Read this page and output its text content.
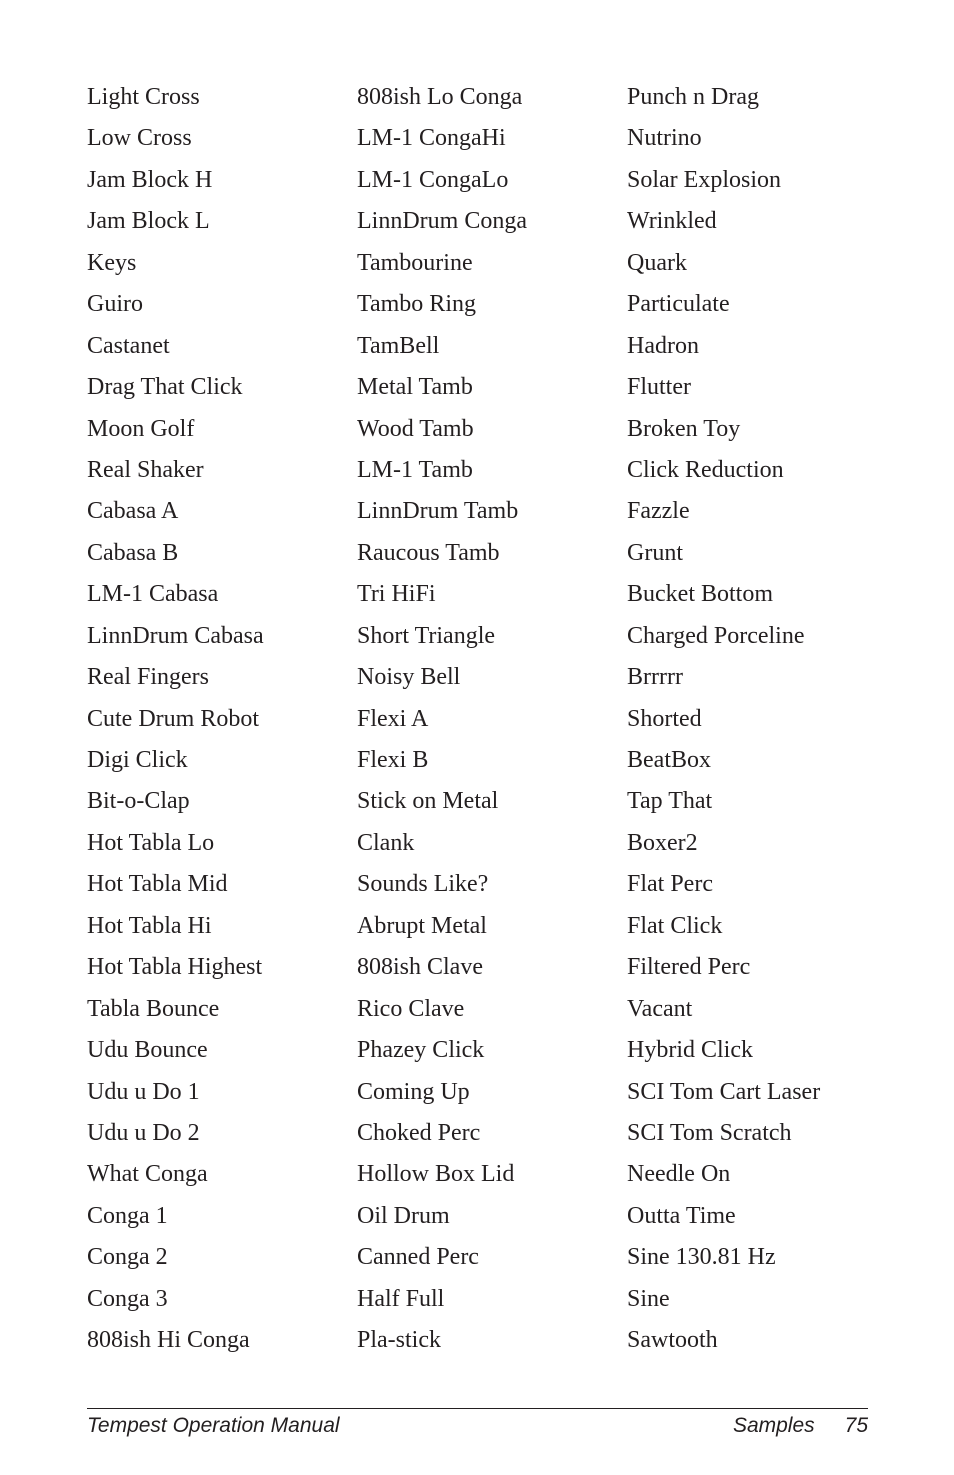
Light Cross
Low Cross
Jam Block H
Jam Block L
Keys
Guiro
Castanet
Drag That Click
Moon Golf
Real Shaker
Cabasa A
Cabasa B
LM-1 Cabasa
LinnDrum Cabasa
Real Fingers
Cute Drum Robot
Digi Click
Bit-o-Clap
Hot Tabla Lo
Hot Tabla Mid
Hot Tabla Hi
Hot Tabla Highest
Tabla Bounce
Udu Bounce
Udu u Do 1
Udu u Do 2
What Conga
Conga 1
Conga 2
Conga 3
808ish Hi Conga
808ish Lo Conga
LM-1 CongaHi
LM-1 CongaLo
LinnDrum Conga
Tambourine
Tambo Ring
TamBell
Metal Tamb
Wood Tamb
LM-1 Tamb
LinnDrum Tamb
Raucous Tamb
Tri HiFi
Short Triangle
Noisy Bell
Flexi A
Flexi B
Stick on Metal
Clank
Sounds Like?
Abrupt Metal
808ish Clave
Rico Clave
Phazey Click
Coming Up
Choked Perc
Hollow Box Lid
Oil Drum
Canned Perc
Half Full
Pla-stick
Punch n Drag
Nutrino
Solar Explosion
Wrinkled
Quark
Particulate
Hadron
Flutter
Broken Toy
Click Reduction
Fazzle
Grunt
Bucket Bottom
Charged Porceline
Brrrrr
Shorted
BeatBox
Tap That
Boxer2
Flat Perc
Flat Click
Filtered Perc
Vacant
Hybrid Click
SCI Tom Cart Laser
SCI Tom Scratch
Needle On
Outta Time
Sine 130.81 Hz
Sine
Sawtooth
Tempest Operation Manual	Samples 75
